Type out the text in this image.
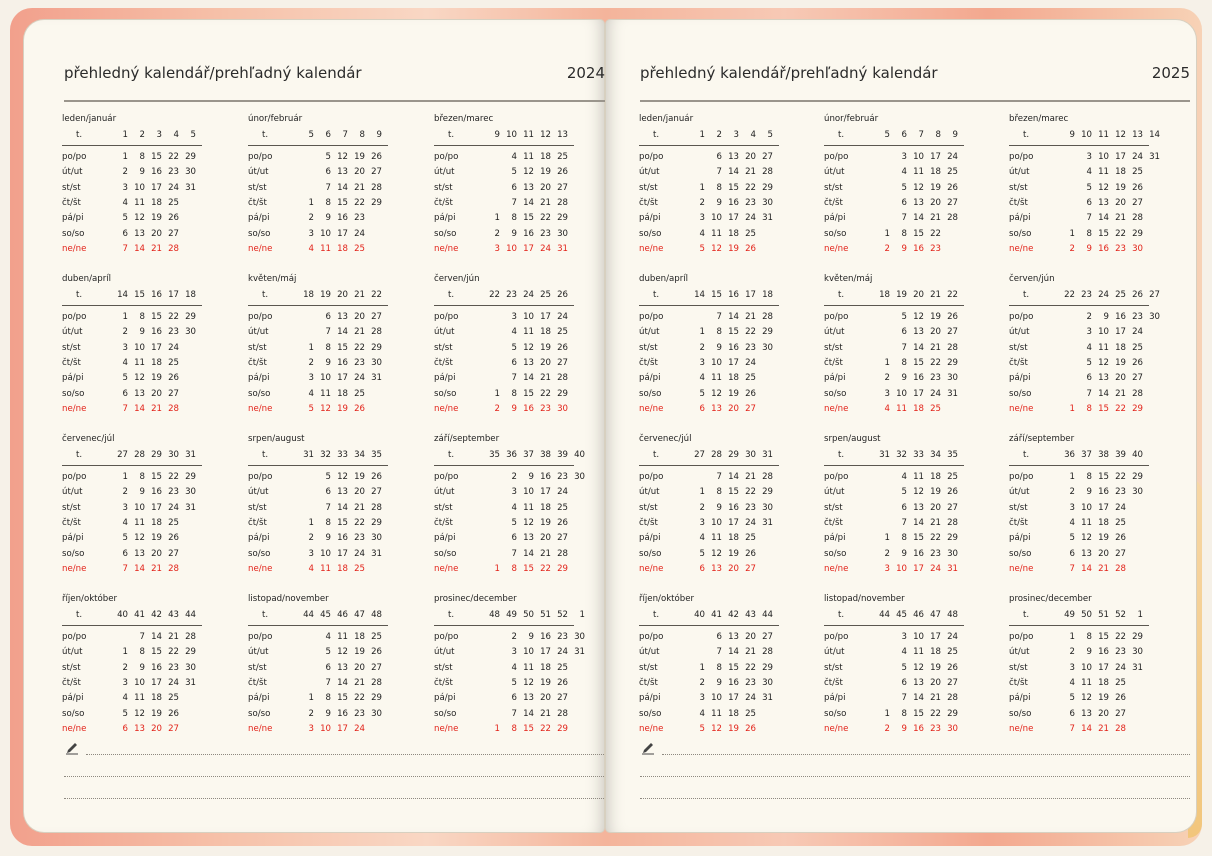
přehledný kalendář/prehľadný kalendár	2024
leden/január
t.	1	2	3	4	5
po/po	1	8 15 22 29
út/ut	2	9 16 23 30
st/st	3 10 17 24 31
čt/št	4 11 18 25
pá/pi	5 12 19 26
so/so	6 13 20 27
ne/ne	7 14 21 28
únor/február
t.	5	6	7	8	9
po/po	5 12 19 26
út/ut	6 13 20 27
st/st	7 14 21 28
čt/št	1	8 15 22 29
pá/pi	2	9 16 23
so/so	3 10 17 24
ne/ne	4 11 18 25
březen/marec
t.	9 10 11 12 13
po/po	4 11 18 25
út/ut	5 12 19 26
st/st	6 13 20 27
čt/št	7 14 21 28
pá/pi	1	8 15 22 29
so/so	2	9 16 23 30
ne/ne	3 10 17 24 31
duben/apríl
t.	14 15 16 17 18
po/po	1	8 15 22 29
út/ut	2	9 16 23 30
st/st	3 10 17 24
čt/št	4 11 18 25
pá/pi	5 12 19 26
so/so	6 13 20 27
ne/ne	7 14 21 28
květen/máj
t.	18 19 20 21 22
po/po	6 13 20 27
út/ut	7 14 21 28
st/st	1	8 15 22 29
čt/št	2	9 16 23 30
pá/pi	3 10 17 24 31
so/so	4 11 18 25
ne/ne	5 12 19 26
červen/jún
t.	22 23 24 25 26
po/po	3 10 17 24
út/ut	4 11 18 25
st/st	5 12 19 26
čt/št	6 13 20 27
pá/pi	7 14 21 28
so/so	1	8 15 22 29
ne/ne	2	9 16 23 30
červenec/júl
t.	27 28 29 30 31
po/po	1	8 15 22 29
út/ut	2	9 16 23 30
st/st	3 10 17 24 31
čt/št	4 11 18 25
pá/pi	5 12 19 26
so/so	6 13 20 27
ne/ne	7 14 21 28
srpen/august
t.	31 32 33 34 35
po/po	5 12 19 26
út/ut	6 13 20 27
st/st	7 14 21 28
čt/št	1	8 15 22 29
pá/pi	2	9 16 23 30
so/so	3 10 17 24 31
ne/ne	4 11 18 25
září/september
t.	35 36 37 38 39 40
po/po	2	9 16 23 30
út/ut	3 10 17 24
st/st	4 11 18 25
čt/št	5 12 19 26
pá/pi	6 13 20 27
so/so	7 14 21 28
ne/ne	1	8 15 22 29
říjen/október
t.	40 41 42 43 44
po/po	7 14 21 28
út/ut	1	8 15 22 29
st/st	2	9 16 23 30
čt/št	3 10 17 24 31
pá/pi	4 11 18 25
so/so	5 12 19 26
ne/ne	6 13 20 27
listopad/november
t.	44 45 46 47 48
po/po	4 11 18 25
út/ut	5 12 19 26
st/st	6 13 20 27
čt/št	7 14 21 28
pá/pi	1	8 15 22 29
so/so	2	9 16 23 30
ne/ne	3 10 17 24
prosinec/december
t.	48 49 50 51 52	1
po/po	2	9 16 23 30
út/ut	3 10 17 24 31
st/st	4 11 18 25
čt/št	5 12 19 26
pá/pi	6 13 20 27
so/so	7 14 21 28
ne/ne	1	8 15 22 29
přehledný kalendář/prehľadný kalendár	2025
leden/január
t.	1	2	3	4	5
po/po	6 13 20 27
út/ut	7 14 21 28
st/st	1	8 15 22 29
čt/št	2	9 16 23 30
pá/pi	3 10 17 24 31
so/so	4 11 18 25
ne/ne	5 12 19 26
únor/február
t.	5	6	7	8	9
po/po	3 10 17 24
út/ut	4 11 18 25
st/st	5 12 19 26
čt/št	6 13 20 27
pá/pi	7 14 21 28
so/so	1	8 15 22
ne/ne	2	9 16 23
březen/marec
t.	9 10 11 12 13 14
po/po	3 10 17 24 31
út/ut	4 11 18 25
st/st	5 12 19 26
čt/št	6 13 20 27
pá/pi	7 14 21 28
so/so	1	8 15 22 29
ne/ne	2	9 16 23 30
duben/apríl
t.	14 15 16 17 18
po/po	7 14 21 28
út/ut	1	8 15 22 29
st/st	2	9 16 23 30
čt/št	3 10 17 24
pá/pi	4 11 18 25
so/so	5 12 19 26
ne/ne	6 13 20 27
květen/máj
t.	18 19 20 21 22
po/po	5 12 19 26
út/ut	6 13 20 27
st/st	7 14 21 28
čt/št	1	8 15 22 29
pá/pi	2	9 16 23 30
so/so	3 10 17 24 31
ne/ne	4 11 18 25
červen/jún
t.	22 23 24 25 26 27
po/po	2	9 16 23 30
út/ut	3 10 17 24
st/st	4 11 18 25
čt/št	5 12 19 26
pá/pi	6 13 20 27
so/so	7 14 21 28
ne/ne	1	8 15 22 29
červenec/júl
t.	27 28 29 30 31
po/po	7 14 21 28
út/ut	1	8 15 22 29
st/st	2	9 16 23 30
čt/št	3 10 17 24 31
pá/pi	4 11 18 25
so/so	5 12 19 26
ne/ne	6 13 20 27
srpen/august
t.	31 32 33 34 35
po/po	4 11 18 25
út/ut	5 12 19 26
st/st	6 13 20 27
čt/št	7 14 21 28
pá/pi	1	8 15 22 29
so/so	2	9 16 23 30
ne/ne	3 10 17 24 31
září/september
t.	36 37 38 39 40
po/po	1	8 15 22 29
út/ut	2	9 16 23 30
st/st	3 10 17 24
čt/št	4 11 18 25
pá/pi	5 12 19 26
so/so	6 13 20 27
ne/ne	7 14 21 28
říjen/október
t.	40 41 42 43 44
po/po	6 13 20 27
út/ut	7 14 21 28
st/st	1	8 15 22 29
čt/št	2	9 16 23 30
pá/pi	3 10 17 24 31
so/so	4 11 18 25
ne/ne	5 12 19 26
listopad/november
t.	44 45 46 47 48
po/po	3 10 17 24
út/ut	4 11 18 25
st/st	5 12 19 26
čt/št	6 13 20 27
pá/pi	7 14 21 28
so/so	1	8 15 22 29
ne/ne	2	9 16 23 30
prosinec/december
t.	49 50 51 52	1
po/po	1	8 15 22 29
út/ut	2	9 16 23 30
st/st	3 10 17 24 31
čt/št	4 11 18 25
pá/pi	5 12 19 26
so/so	6 13 20 27
ne/ne	7 14 21 28
